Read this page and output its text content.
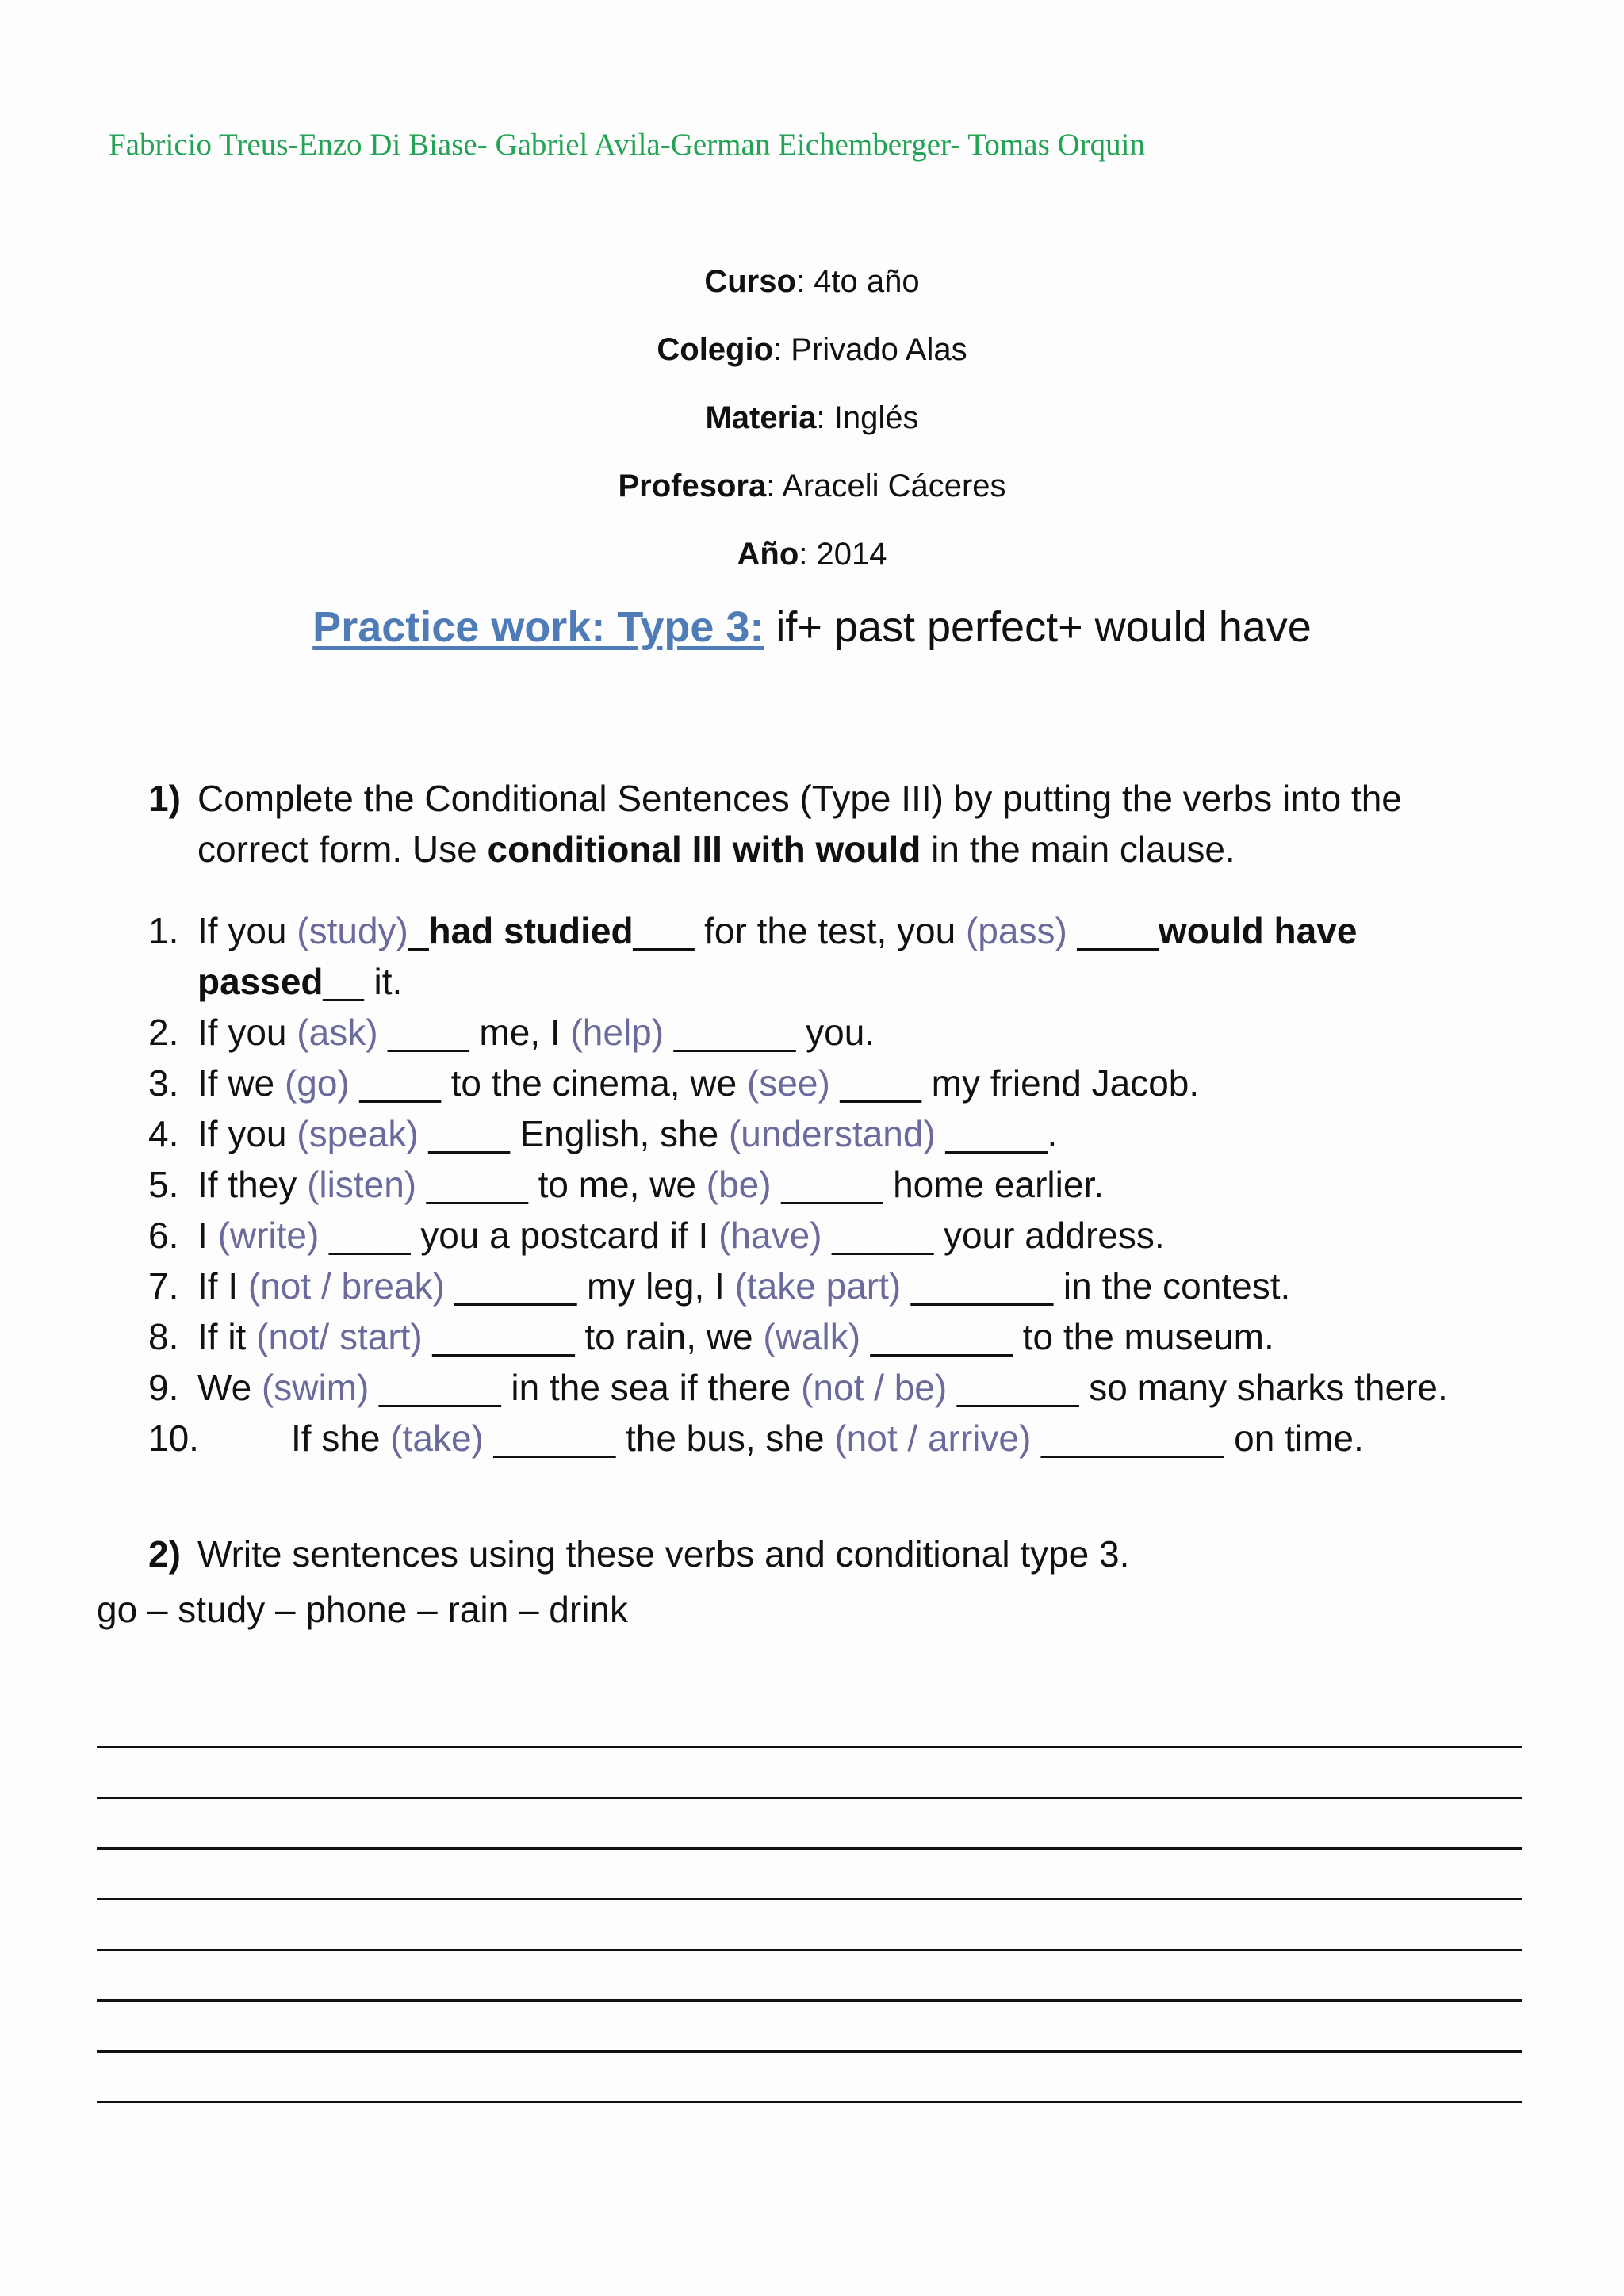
Fabricio Treus-Enzo Di Biase- Gabriel Avila-German Eichemberger- Tomas Orquin
Curso: 4to año
Colegio: Privado Alas
Materia: Inglés
Profesora: Araceli Cáceres
Año: 2014
Practice work: Type 3: if+ past perfect+ would have
1) Complete the Conditional Sentences (Type III) by putting the verbs into the
correct form. Use conditional III with would in the main clause.
1. If you (study)_had studied___ for the test, you (pass) ____would have
passed__ it.
2. If you (ask) ____ me, I (help) ______ you.
3. If we (go) ____ to the cinema, we (see) ____ my friend Jacob.
4. If you (speak) ____ English, she (understand) _____.
5. If they (listen) _____ to me, we (be) _____ home earlier.
6. I (write) ____ you a postcard if I (have) _____ your address.
7. If I (not / break) ______ my leg, I (take part) _______ in the contest.
8. If it (not/ start) _______ to rain, we (walk) _______ to the museum.
9. We (swim) ______ in the sea if there (not / be) ______ so many sharks there.
10.	If she (take) ______ the bus, she (not / arrive) _________ on time.
2) Write sentences using these verbs and conditional type 3.
go – study – phone – rain – drink
